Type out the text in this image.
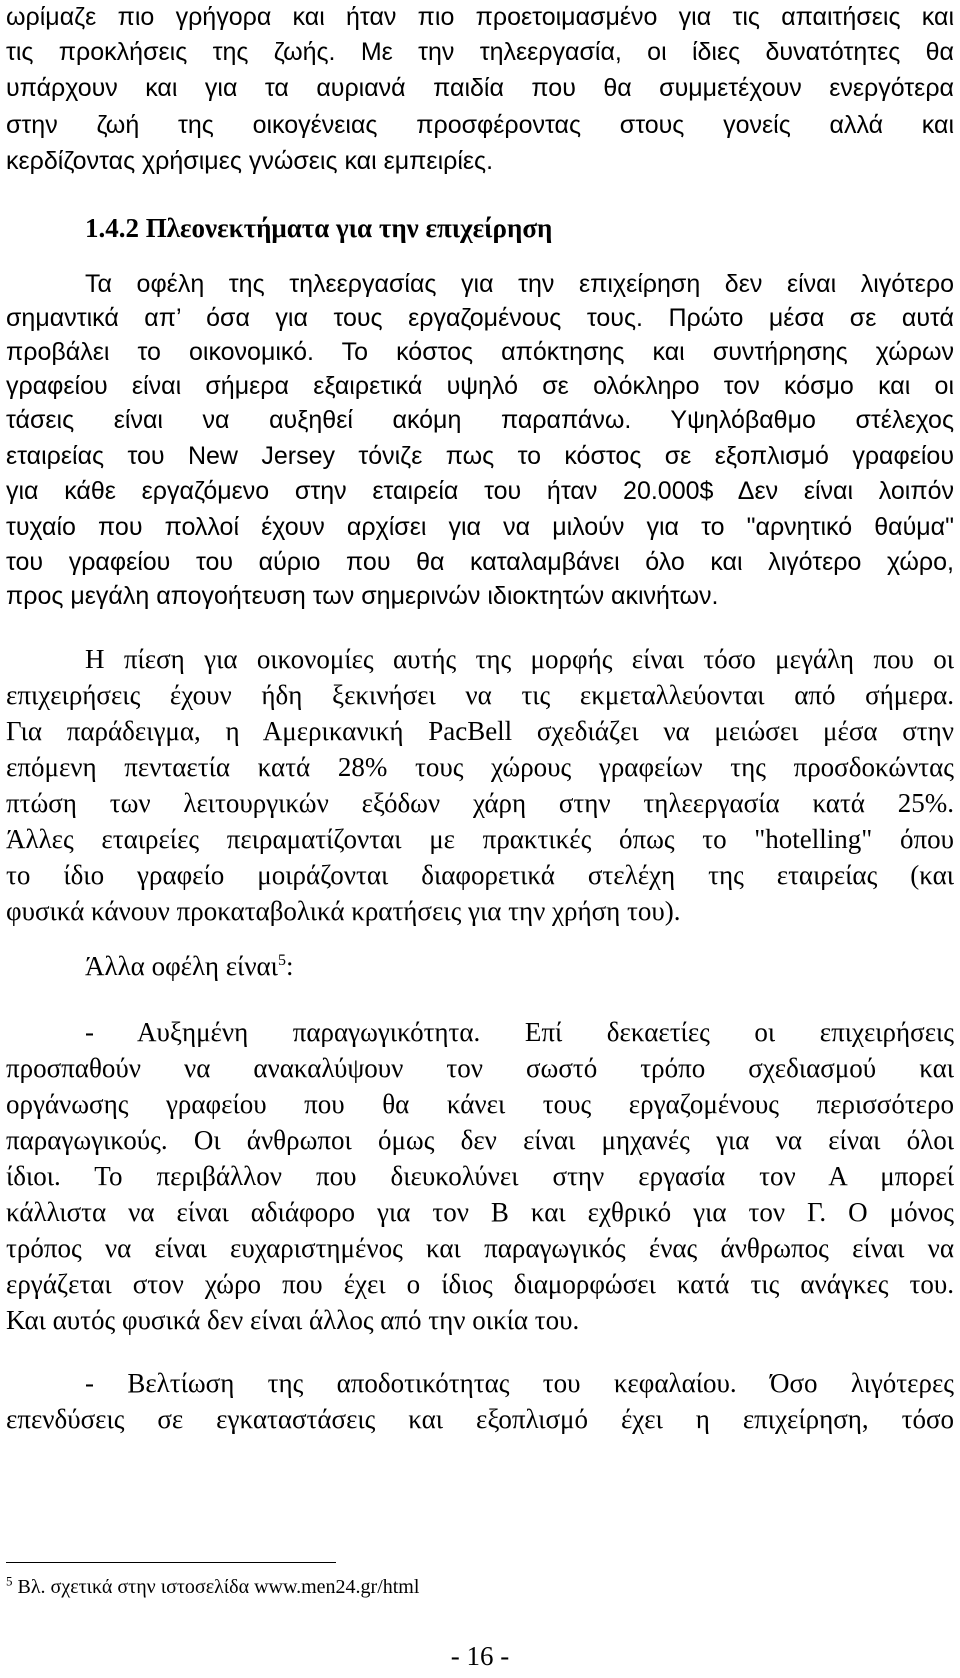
ωρίμαζε πιο γρήγορα και ήταν πιο προετοιμασμένο για τις απαιτήσεις και
τις προκλήσεις της ζωής. Με την τηλεεργασία, οι ίδιες δυνατότητες θα
υπάρχουν και για τα αυριανά παιδία που θα συμμετέχουν ενεργότερα
στην ζωή της οικογένειας προσφέροντας στους γονείς αλλά και
κερδίζοντας χρήσιμες γνώσεις και εμπειρίες.
1.4.2 Πλεονεκτήματα για την επιχείρηση
Τα οφέλη της τηλεεργασίας για την επιχείρηση δεν είναι λιγότερο
σημαντικά απ’ όσα για τους εργαζομένους τους. Πρώτο μέσα σε αυτά
προβάλει το οικονομικό. Το κόστος απόκτησης και συντήρησης χώρων
γραφείου είναι σήμερα εξαιρετικά υψηλό σε ολόκληρο τον κόσμο και οι
τάσεις είναι να αυξηθεί ακόμη παραπάνω. Υψηλόβαθμο στέλεχος
εταιρείας του New Jersey τόνιζε πως το κόστος σε εξοπλισμό γραφείου
για κάθε εργαζόμενο στην εταιρεία του ήταν 20.000$ Δεν είναι λοιπόν
τυχαίο που πολλοί έχουν αρχίσει για να μιλούν για το "αρνητικό θαύμα"
του γραφείου του αύριο που θα καταλαμβάνει όλο και λιγότερο χώρο,
προς μεγάλη απογοήτευση των σημερινών ιδιοκτητών ακινήτων.
Η πίεση για οικονομίες αυτής της μορφής είναι τόσο μεγάλη που οι
επιχειρήσεις έχουν ήδη ξεκινήσει να τις εκμεταλλεύονται από σήμερα.
Για παράδειγμα, η Αμερικανική PacBell σχεδιάζει να μειώσει μέσα στην
επόμενη πενταετία κατά 28% τους χώρους γραφείων της προσδοκώντας
πτώση των λειτουργικών εξόδων χάρη στην τηλεεργασία κατά 25%.
Άλλες εταιρείες πειραματίζονται με πρακτικές όπως το "hotelling" όπου
το ίδιο γραφείο μοιράζονται διαφορετικά στελέχη της εταιρείας (και
φυσικά κάνουν προκαταβολικά κρατήσεις για την χρήση του).
Άλλα οφέλη είναι$^5$:
- Αυξημένη παραγωγικότητα. Επί δεκαετίες οι επιχειρήσεις
προσπαθούν να ανακαλύψουν τον σωστό τρόπο σχεδιασμού και
οργάνωσης γραφείου που θα κάνει τους εργαζομένους περισσότερο
παραγωγικούς. Οι άνθρωποι όμως δεν είναι μηχανές για να είναι όλοι
ίδιοι. Το περιβάλλον που διευκολύνει στην εργασία τον Α μπορεί
κάλλιστα να είναι αδιάφορο για τον Β και εχθρικό για τον Γ. Ο μόνος
τρόπος να είναι ευχαριστημένος και παραγωγικός ένας άνθρωπος είναι να
εργάζεται στον χώρο που έχει ο ίδιος διαμορφώσει κατά τις ανάγκες του.
Και αυτός φυσικά δεν είναι άλλος από την οικία του.
- Βελτίωση της αποδοτικότητας του κεφαλαίου. Όσο λιγότερες
επενδύσεις σε εγκαταστάσεις και εξοπλισμό έχει η επιχείρηση, τόσο
$^5$ Βλ. σχετικά στην ιστοσελίδα www.men24.gr/html
- 16 -
